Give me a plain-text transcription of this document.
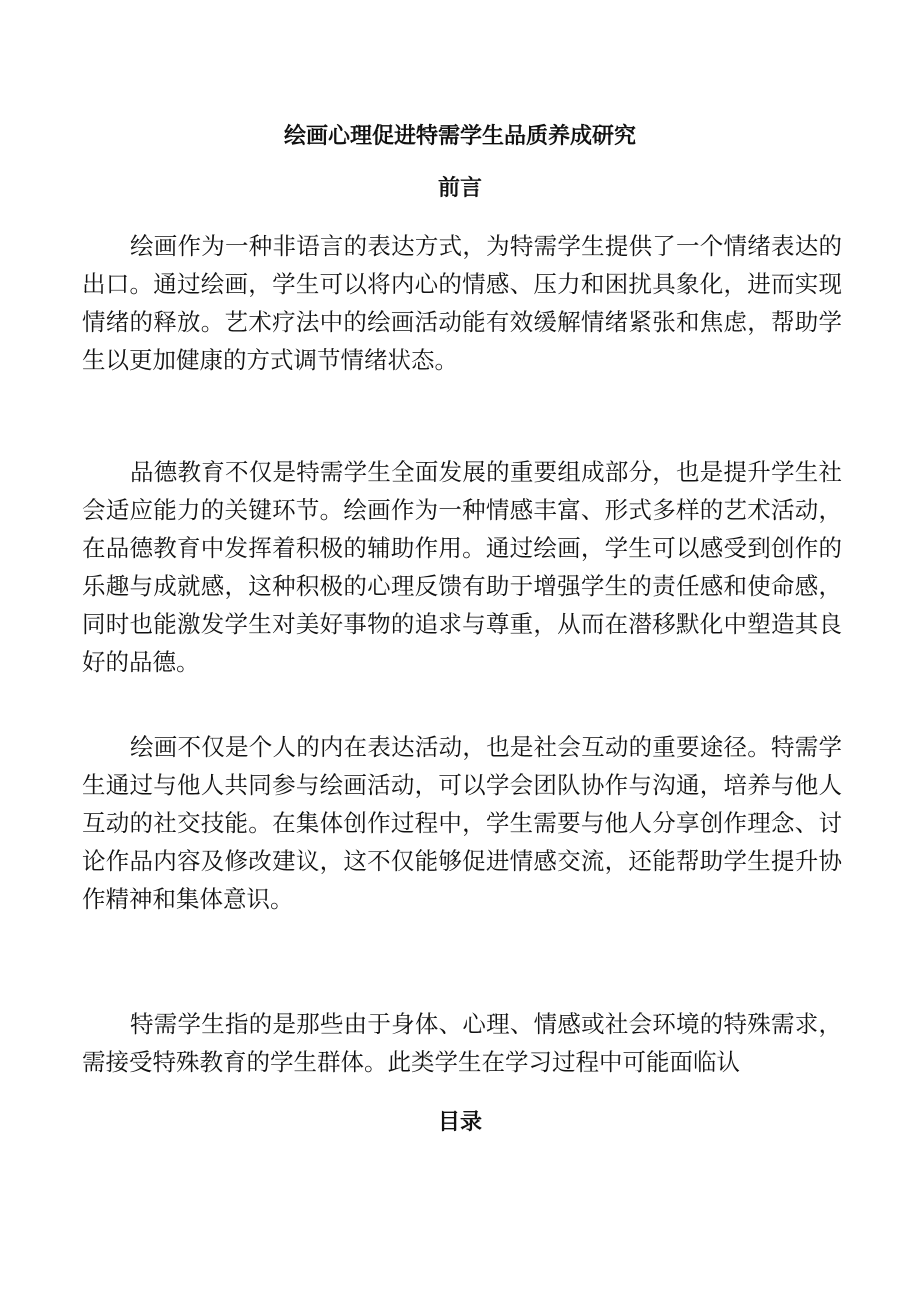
绘画心理促进特需学生品质养成研究
前言

绘画作为一种非语言的表达方式，为特需学生提供了一个情绪表达的出口。通过绘画，学生可以将内心的情感、压力和困扰具象化，进而实现情绪的释放。艺术疗法中的绘画活动能有效缓解情绪紧张和焦虑，帮助学生以更加健康的方式调节情绪状态。

品德教育不仅是特需学生全面发展的重要组成部分，也是提升学生社会适应能力的关键环节。绘画作为一种情感丰富、形式多样的艺术活动，在品德教育中发挥着积极的辅助作用。通过绘画，学生可以感受到创作的乐趣与成就感，这种积极的心理反馈有助于增强学生的责任感和使命感，同时也能激发学生对美好事物的追求与尊重，从而在潜移默化中塑造其良好的品德。

绘画不仅是个人的内在表达活动，也是社会互动的重要途径。特需学生通过与他人共同参与绘画活动，可以学会团队协作与沟通，培养与他人互动的社交技能。在集体创作过程中，学生需要与他人分享创作理念、讨论作品内容及修改建议，这不仅能够促进情感交流，还能帮助学生提升协作精神和集体意识。

特需学生指的是那些由于身体、心理、情感或社会环境的特殊需求，需接受特殊教育的学生群体。此类学生在学习过程中可能面临认

目录
